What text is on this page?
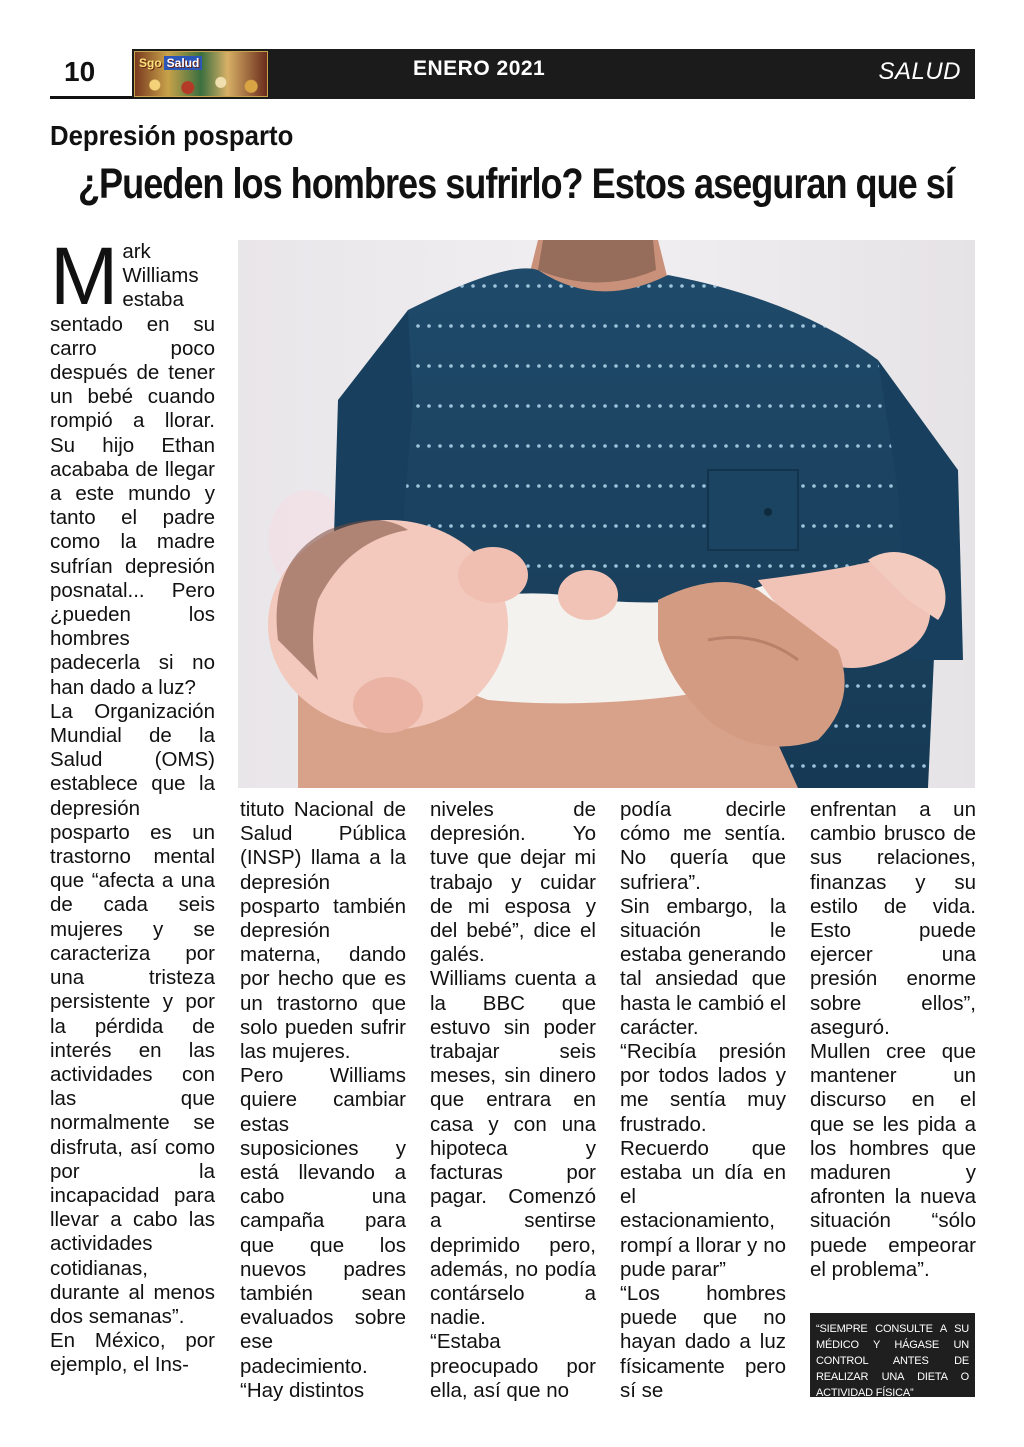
10	Sgo Salud	ENERO 2021	SALUD
Depresión posparto
¿Pueden los hombres sufrirlo? Estos aseguran que sí

Mark Williams estaba sentado en su carro poco después de tener un bebé cuando rompió a llorar. Su hijo Ethan acababa de llegar a este mundo y tanto el padre como la madre sufrían depresión posnatal... Pero ¿pueden los hombres padecerla si no han dado a luz?

La Organización Mundial de la Salud (OMS) establece que la depresión posparto es un trastorno mental que “afecta a una de cada seis mujeres y se caracteriza por una tristeza persistente y por la pérdida de interés en las actividades con las que normalmente se disfruta, así como por la incapacidad para llevar a cabo las actividades cotidianas, durante al menos dos semanas”.

En México, por ejemplo, el Ins-

tituto Nacional de Salud Pública (INSP) llama a la depresión posparto también depresión materna, dando por hecho que es un trastorno que solo pueden sufrir las mujeres.

Pero Williams quiere cambiar estas suposiciones y está llevando a cabo una campaña para que que los nuevos padres también sean evaluados sobre ese padecimiento.

“Hay distintos

niveles de depresión. Yo tuve que dejar mi trabajo y cuidar de mi esposa y del bebé”, dice el galés.

Williams cuenta a la BBC que estuvo sin poder trabajar seis meses, sin dinero que entrara en casa y con una hipoteca y facturas por pagar. Comenzó a sentirse deprimido pero, además, no podía contárselo a nadie.

“Estaba preocupado por ella, así que no

podía decirle cómo me sentía. No quería que sufriera”.

Sin embargo, la situación le estaba generando tal ansiedad que hasta le cambió el carácter.

“Recibía presión por todos lados y me sentía muy frustrado. Recuerdo que estaba un día en el estacionamiento, rompí a llorar y no pude parar”

“Los hombres puede que no hayan dado a luz físicamente pero sí se

enfrentan a un cambio brusco de sus relaciones, finanzas y su estilo de vida. Esto puede ejercer una presión enorme sobre ellos”, aseguró.

Mullen cree que mantener un discurso en el que se les pida a los hombres que maduren y afronten la nueva situación “sólo puede empeorar el problema”.

“SIEMPRE CONSULTE A SU MÉDICO Y HÁGASE UN CONTROL ANTES DE REALIZAR UNA DIETA O ACTIVIDAD FÍSICA”
